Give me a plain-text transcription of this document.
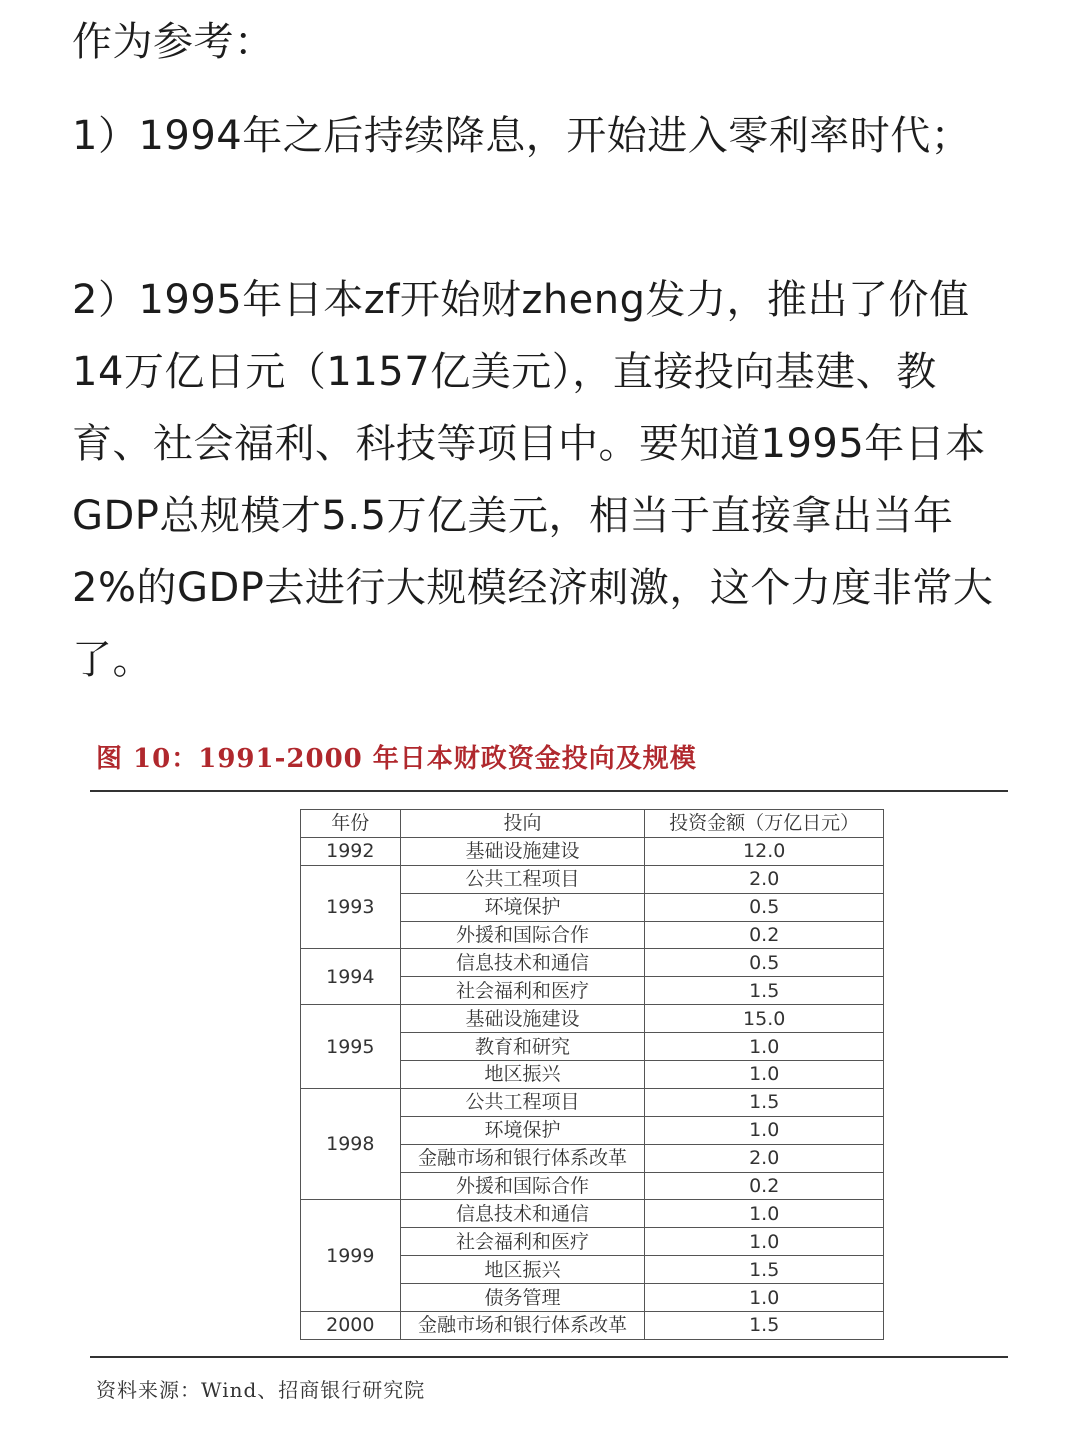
作为参考：

1）1994年之后持续降息，开始进入零利率时代；

2）1995年日本zf开始财zheng发力，推出了价值14万亿日元（1157亿美元），直接投向基建、教育、社会福利、科技等项目中。要知道1995年日本GDP总规模才5.5万亿美元，相当于直接拿出当年2%的GDP去进行大规模经济刺激，这个力度非常大了。

图 10：1991-2000 年日本财政资金投向及规模
年份	投向	投资金额（万亿日元）
1992	基础设施建设	12.0
1993	公共工程项目	2.0
	环境保护	0.5
	外援和国际合作	0.2
1994	信息技术和通信	0.5
	社会福利和医疗	1.5
1995	基础设施建设	15.0
	教育和研究	1.0
	地区振兴	1.0
1998	公共工程项目	1.5
	环境保护	1.0
	金融市场和银行体系改革	2.0
	外援和国际合作	0.2
1999	信息技术和通信	1.0
	社会福利和医疗	1.0
	地区振兴	1.5
	债务管理	1.0
2000	金融市场和银行体系改革	1.5
资料来源：Wind、招商银行研究院
